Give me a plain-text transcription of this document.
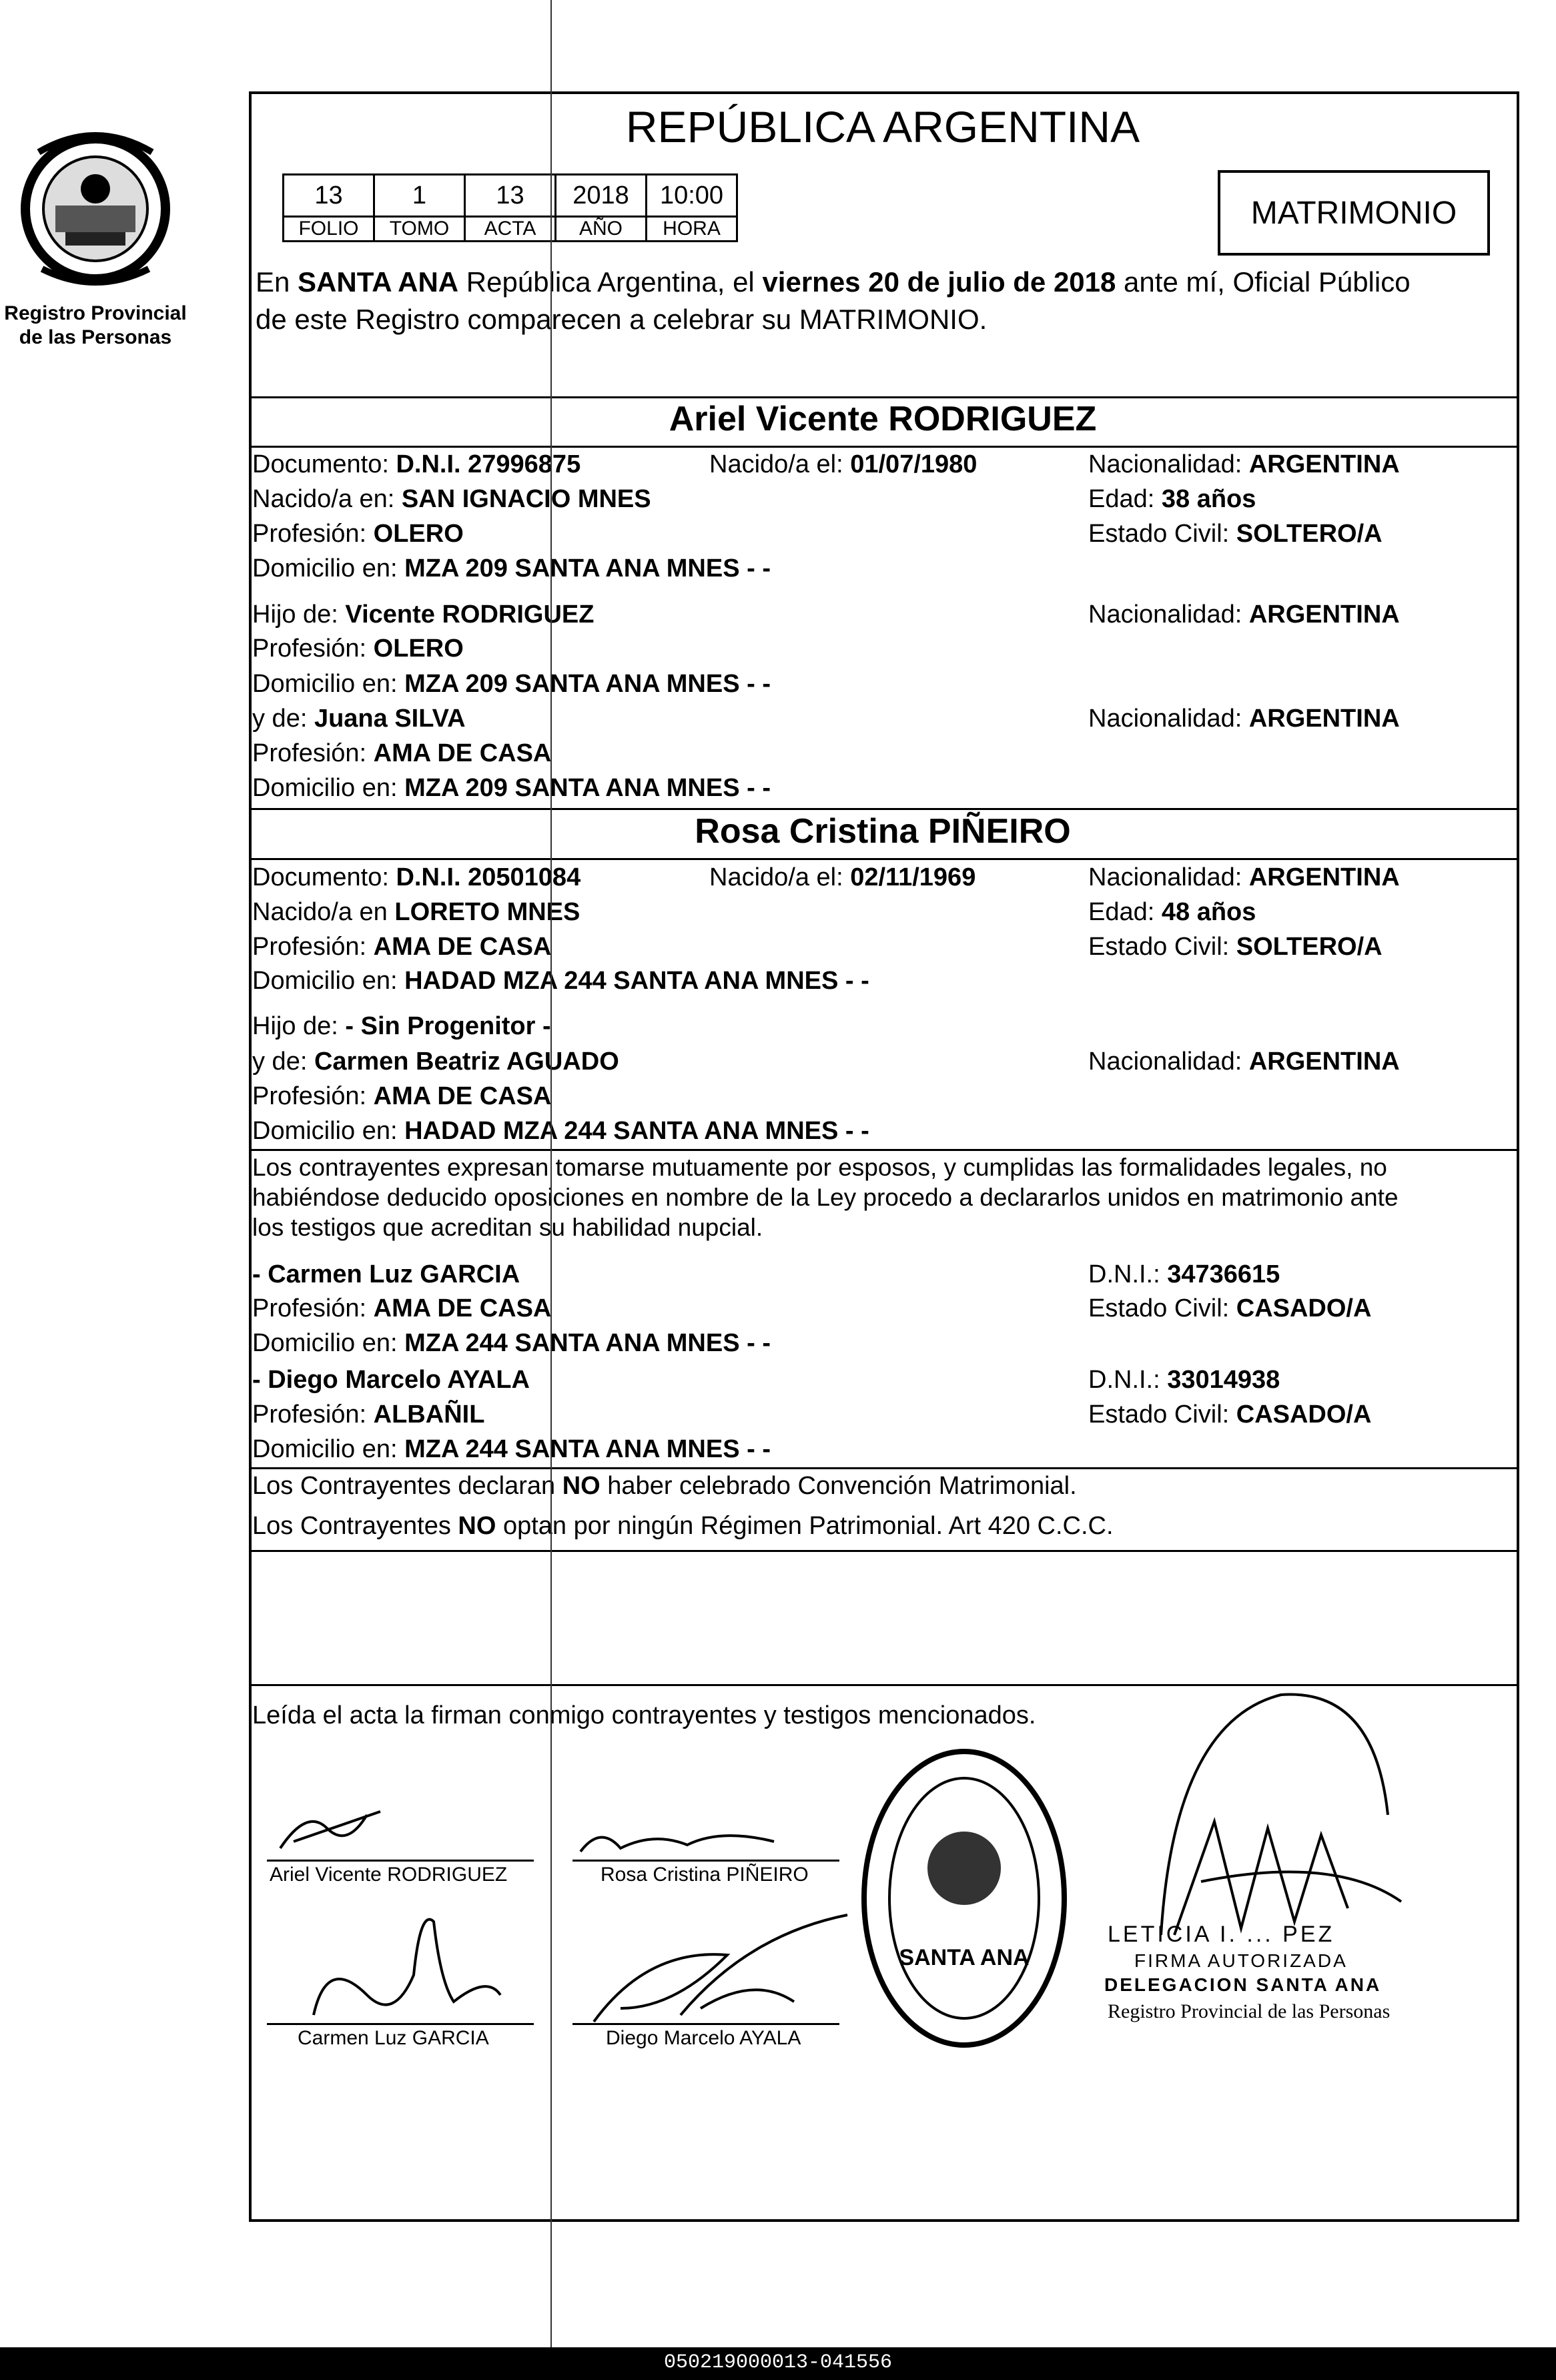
Registro Provincial
de las Personas
REPÚBLICA ARGENTINA
13	1	13	2018	10:00
FOLIO	TOMO	ACTA	AÑO	HORA	MATRIMONIO
En SANTA ANA República Argentina, el viernes 20 de julio de 2018 ante mí, Oficial Público
de este Registro comparecen a celebrar su MATRIMONIO.
Ariel Vicente RODRIGUEZ
Documento: D.N.I. 27996875	Nacido/a el: 01/07/1980	Nacionalidad: ARGENTINA
Nacido/a en: SAN IGNACIO MNES	Edad: 38 años
Profesión: OLERO	Estado Civil: SOLTERO/A
Domicilio en: MZA 209 SANTA ANA MNES - -
Hijo de: Vicente RODRIGUEZ	Nacionalidad: ARGENTINA
Profesión: OLERO
Domicilio en: MZA 209 SANTA ANA MNES - -
y de: Juana SILVA	Nacionalidad: ARGENTINA
Profesión: AMA DE CASA
Domicilio en: MZA 209 SANTA ANA MNES - -
Rosa Cristina PIÑEIRO
Documento: D.N.I. 20501084	Nacido/a el: 02/11/1969	Nacionalidad: ARGENTINA
Nacido/a en LORETO MNES	Edad: 48 años
Profesión: AMA DE CASA	Estado Civil: SOLTERO/A
Domicilio en: HADAD MZA 244 SANTA ANA MNES - -
Hijo de: - Sin Progenitor -
y de: Carmen Beatriz AGUADO	Nacionalidad: ARGENTINA
Profesión: AMA DE CASA
Domicilio en: HADAD MZA 244 SANTA ANA MNES - -
Los contrayentes expresan tomarse mutuamente por esposos, y cumplidas las formalidades legales, no
habiéndose deducido oposiciones en nombre de la Ley procedo a declararlos unidos en matrimonio ante
los testigos que acreditan su habilidad nupcial.
- Carmen Luz GARCIA	D.N.I.: 34736615
Profesión: AMA DE CASA	Estado Civil: CASADO/A
Domicilio en: MZA 244 SANTA ANA MNES - -
- Diego Marcelo AYALA	D.N.I.: 33014938
Profesión: ALBAÑIL	Estado Civil: CASADO/A
Domicilio en: MZA 244 SANTA ANA MNES - -
Los Contrayentes declaran NO haber celebrado Convención Matrimonial.
Los Contrayentes NO optan por ningún Régimen Patrimonial. Art 420 C.C.C.
Leída el acta la firman conmigo contrayentes y testigos mencionados.
Ariel Vicente RODRIGUEZ	Rosa Cristina PIÑEIRO
Carmen Luz GARCIA	Diego Marcelo AYALA
SANTA ANA
LETICIA I. ... PEZ
FIRMA AUTORIZADA
DELEGACION SANTA ANA
Registro Provincial de las Personas
050219000013-041556
